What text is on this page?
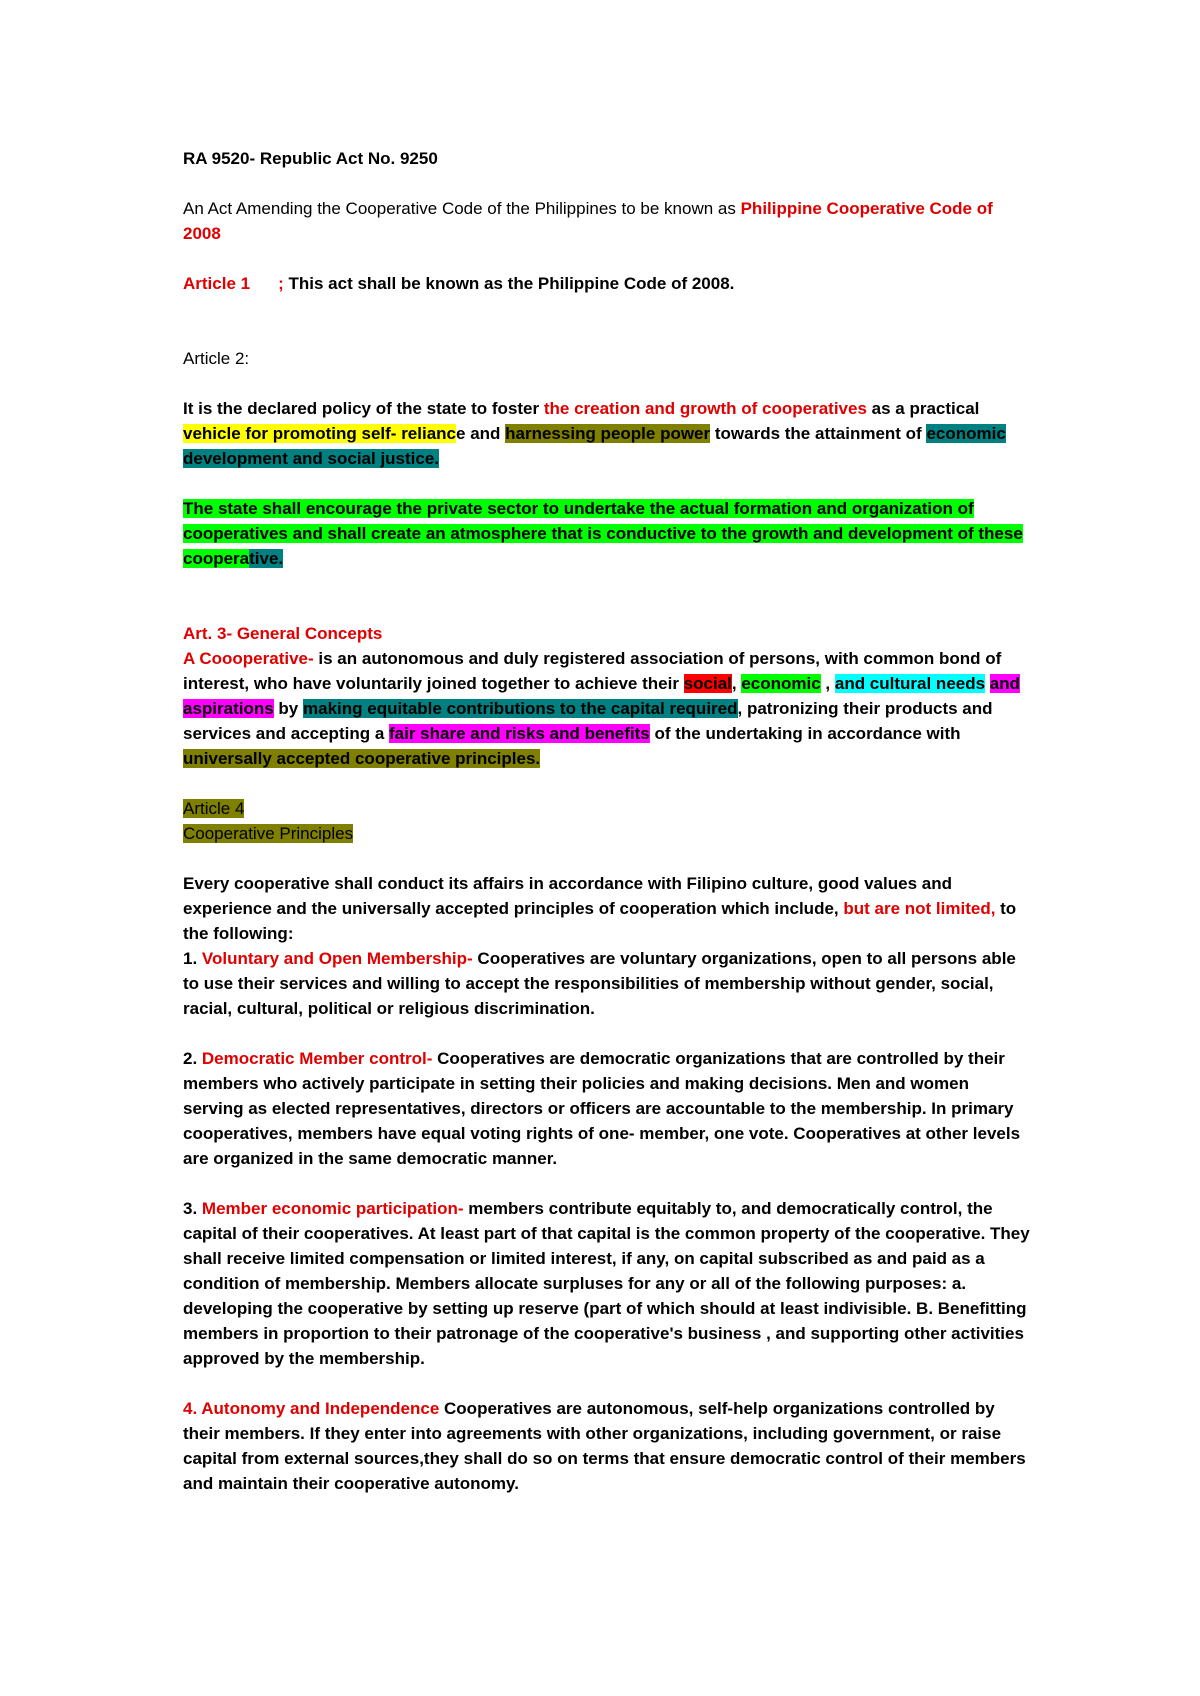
RA 9520- Republic Act No. 9250

An Act Amending the Cooperative Code of the Philippines to be known as Philippine Cooperative Code of 2008

Article 1 ; This act shall be known as the Philippine Code of 2008.

Article 2:

It is the declared policy of the state to foster the creation and growth of cooperatives as a practical vehicle for promoting self- reliance and harnessing people power towards the attainment of economic development and social justice.

The state shall encourage the private sector to undertake the actual formation and organization of cooperatives and shall create an atmosphere that is conductive to the growth and development of these cooperative.

Art. 3- General Concepts

A Coooperative- is an autonomous and duly registered association of persons, with common bond of interest, who have voluntarily joined together to achieve their social, economic , and cultural needs and aspirations by making equitable contributions to the capital required, patronizing their products and services and accepting a fair share and risks and benefits of the undertaking in accordance with universally accepted cooperative principles.

Article 4

Cooperative Principles

Every cooperative shall conduct its affairs in accordance with Filipino culture, good values and experience and the universally accepted principles of cooperation which include, but are not limited, to the following:

1. Voluntary and Open Membership- Cooperatives are voluntary organizations, open to all persons able to use their services and willing to accept the responsibilities of membership without gender, social, racial, cultural, political or religious discrimination.

2. Democratic Member control- Cooperatives are democratic organizations that are controlled by their members who actively participate in setting their policies and making decisions. Men and women serving as elected representatives, directors or officers are accountable to the membership. In primary cooperatives, members have equal voting rights of one- member, one vote. Cooperatives at other levels are organized in the same democratic manner.

3. Member economic participation- members contribute equitably to, and democratically control, the capital of their cooperatives. At least part of that capital is the common property of the cooperative. They shall receive limited compensation or limited interest, if any, on capital subscribed as and paid as a condition of membership. Members allocate surpluses for any or all of the following purposes: a. developing the cooperative by setting up reserve (part of which should at least indivisible. B. Benefitting members in proportion to their patronage of the cooperative's business , and supporting other activities approved by the membership.

4. Autonomy and Independence Cooperatives are autonomous, self-help organizations controlled by their members. If they enter into agreements with other organizations, including government, or raise capital from external sources,they shall do so on terms that ensure democratic control of their members and maintain their cooperative autonomy.
